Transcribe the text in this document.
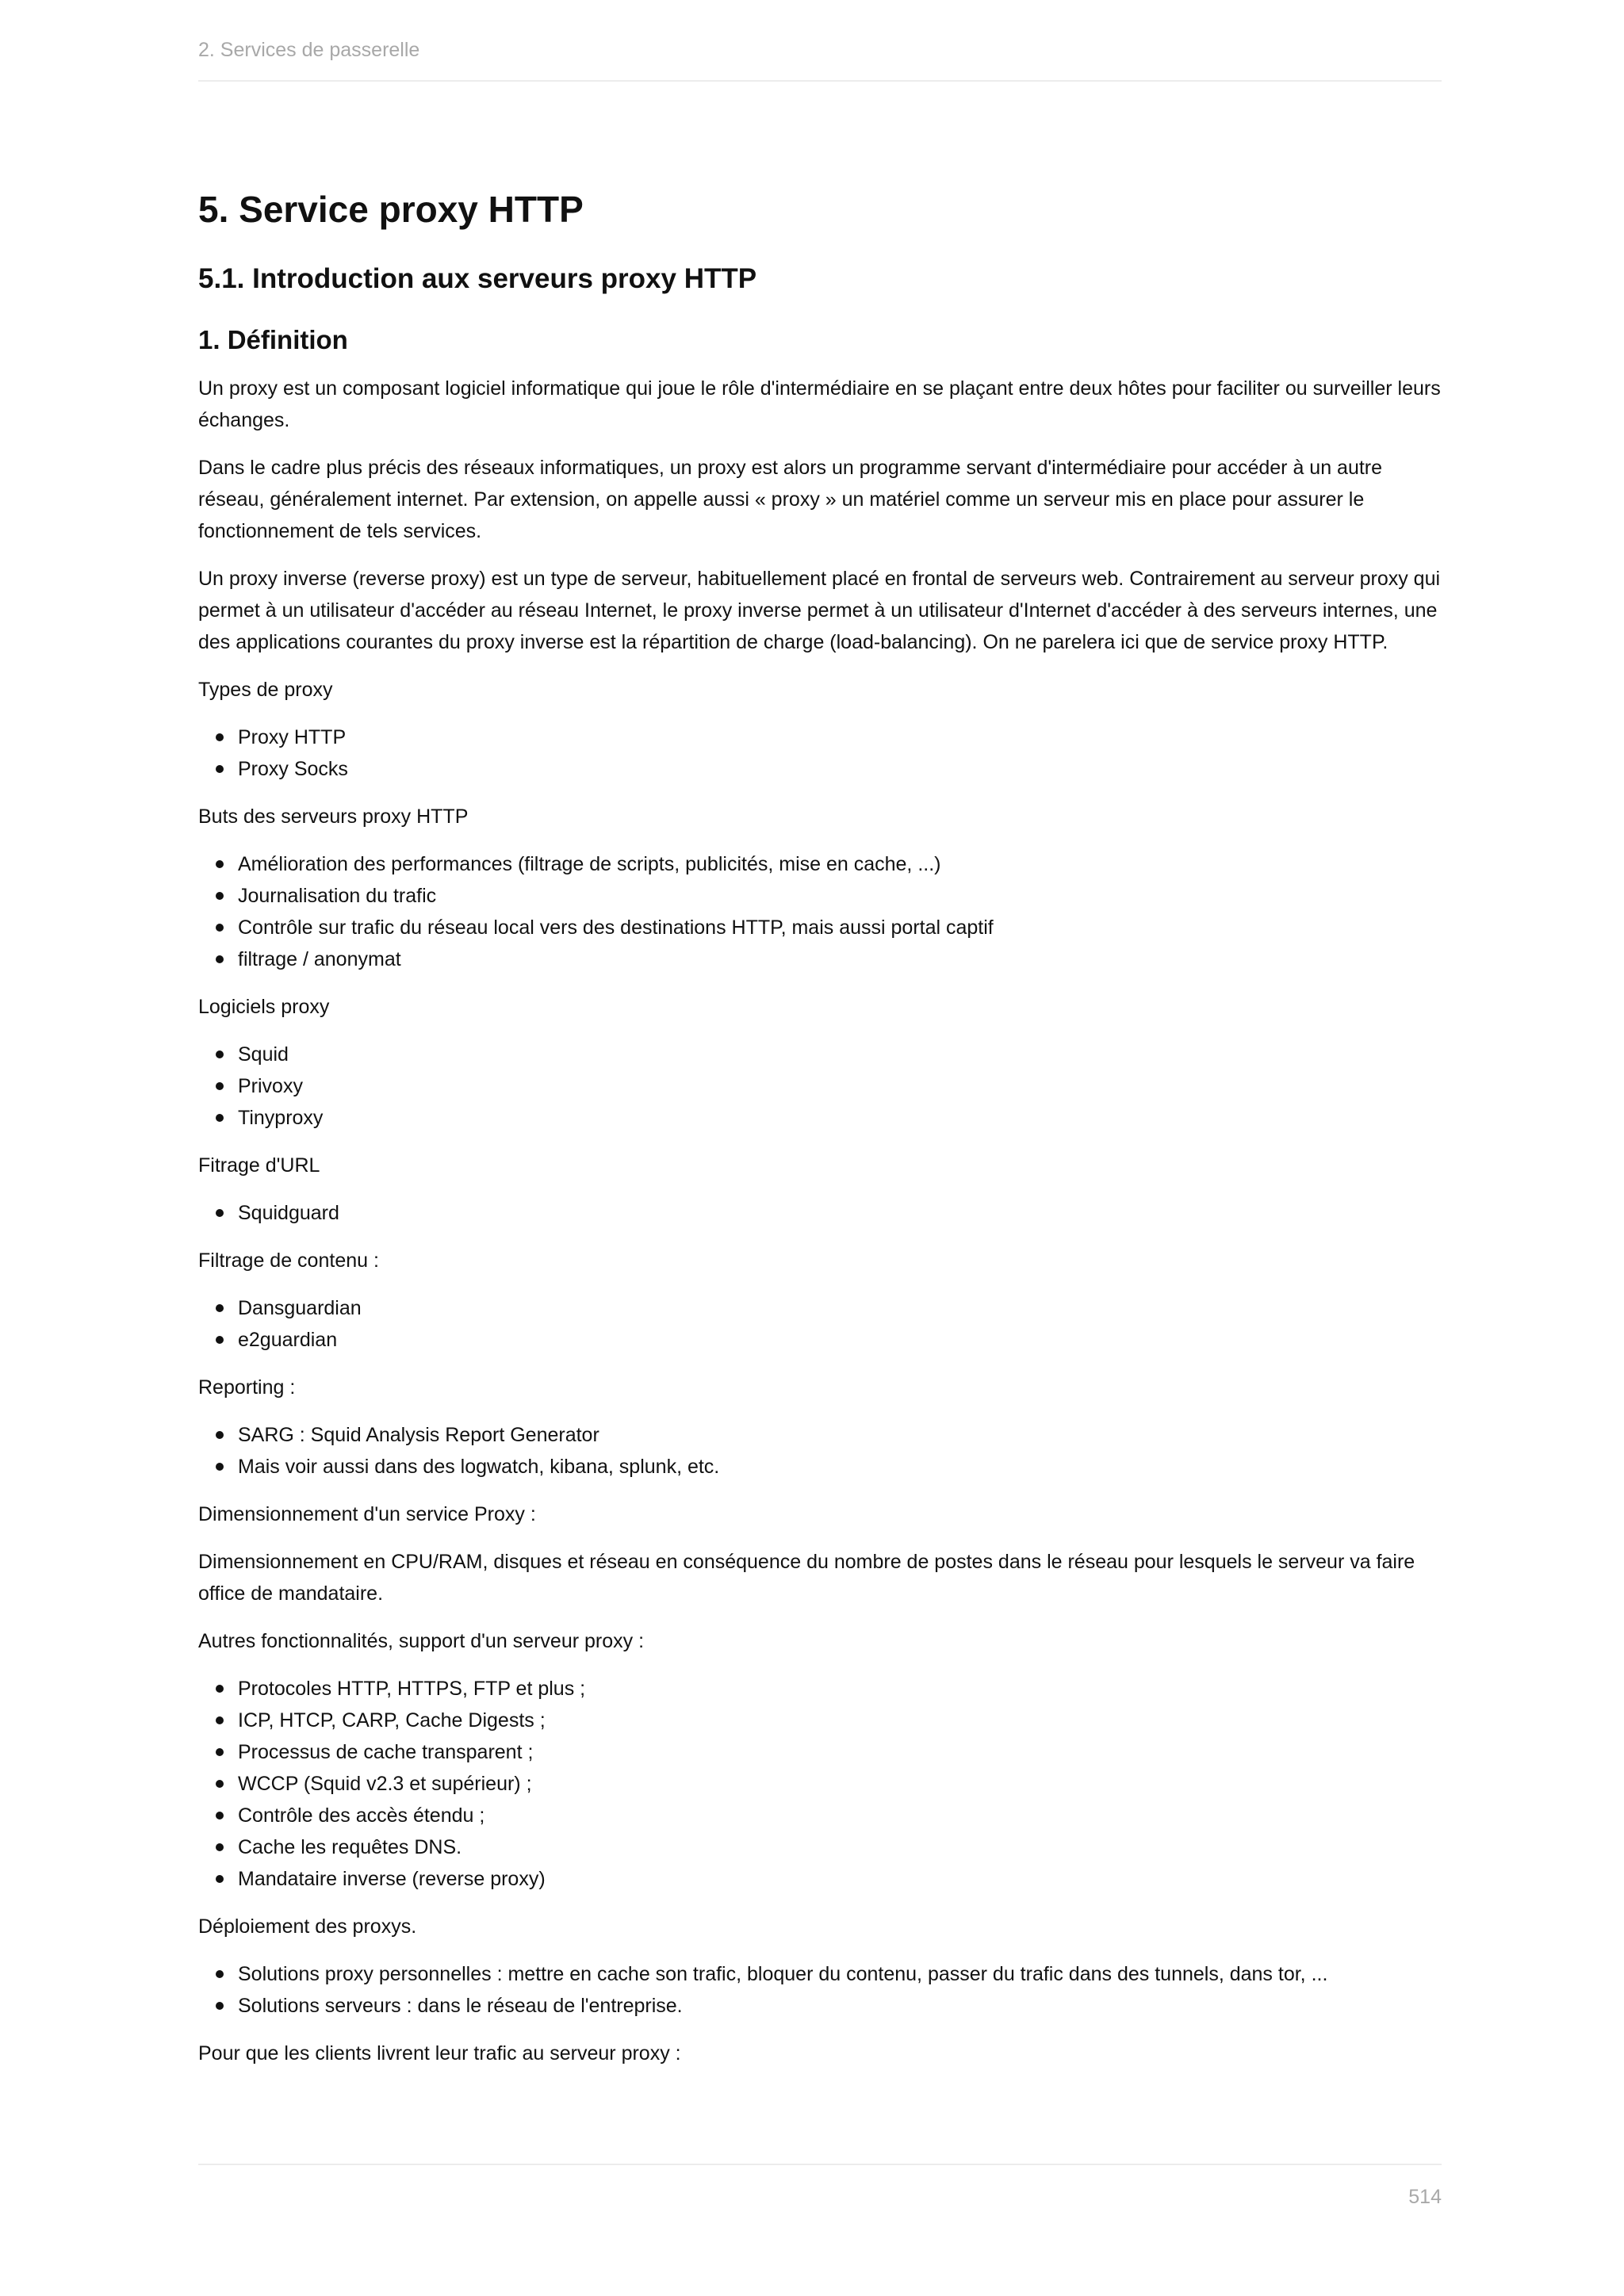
2. Services de passerelle
5. Service proxy HTTP
5.1. Introduction aux serveurs proxy HTTP
1. Définition

Un proxy est un composant logiciel informatique qui joue le rôle d'intermédiaire en se plaçant entre deux hôtes pour faciliter ou surveiller leurs échanges.

Dans le cadre plus précis des réseaux informatiques, un proxy est alors un programme servant d'intermédiaire pour accéder à un autre réseau, généralement internet. Par extension, on appelle aussi « proxy » un matériel comme un serveur mis en place pour assurer le fonctionnement de tels services.

Un proxy inverse (reverse proxy) est un type de serveur, habituellement placé en frontal de serveurs web. Contrairement au serveur proxy qui permet à un utilisateur d'accéder au réseau Internet, le proxy inverse permet à un utilisateur d'Internet d'accéder à des serveurs internes, une des applications courantes du proxy inverse est la répartition de charge (load-balancing). On ne parelera ici que de service proxy HTTP.

Types de proxy

Proxy HTTP
Proxy Socks

Buts des serveurs proxy HTTP

Amélioration des performances (filtrage de scripts, publicités, mise en cache, ...)
Journalisation du trafic
Contrôle sur trafic du réseau local vers des destinations HTTP, mais aussi portal captif
filtrage / anonymat

Logiciels proxy

Squid
Privoxy
Tinyproxy

Fitrage d'URL

Squidguard

Filtrage de contenu :

Dansguardian
e2guardian

Reporting :

SARG : Squid Analysis Report Generator
Mais voir aussi dans des logwatch, kibana, splunk, etc.

Dimensionnement d'un service Proxy :

Dimensionnement en CPU/RAM, disques et réseau en conséquence du nombre de postes dans le réseau pour lesquels le serveur va faire office de mandataire.

Autres fonctionnalités, support d'un serveur proxy :

Protocoles HTTP, HTTPS, FTP et plus ;
ICP, HTCP, CARP, Cache Digests ;
Processus de cache transparent ;
WCCP (Squid v2.3 et supérieur) ;
Contrôle des accès étendu ;
Cache les requêtes DNS.
Mandataire inverse (reverse proxy)

Déploiement des proxys.

Solutions proxy personnelles : mettre en cache son trafic, bloquer du contenu, passer du trafic dans des tunnels, dans tor, ...
Solutions serveurs : dans le réseau de l'entreprise.

Pour que les clients livrent leur trafic au serveur proxy :

514
